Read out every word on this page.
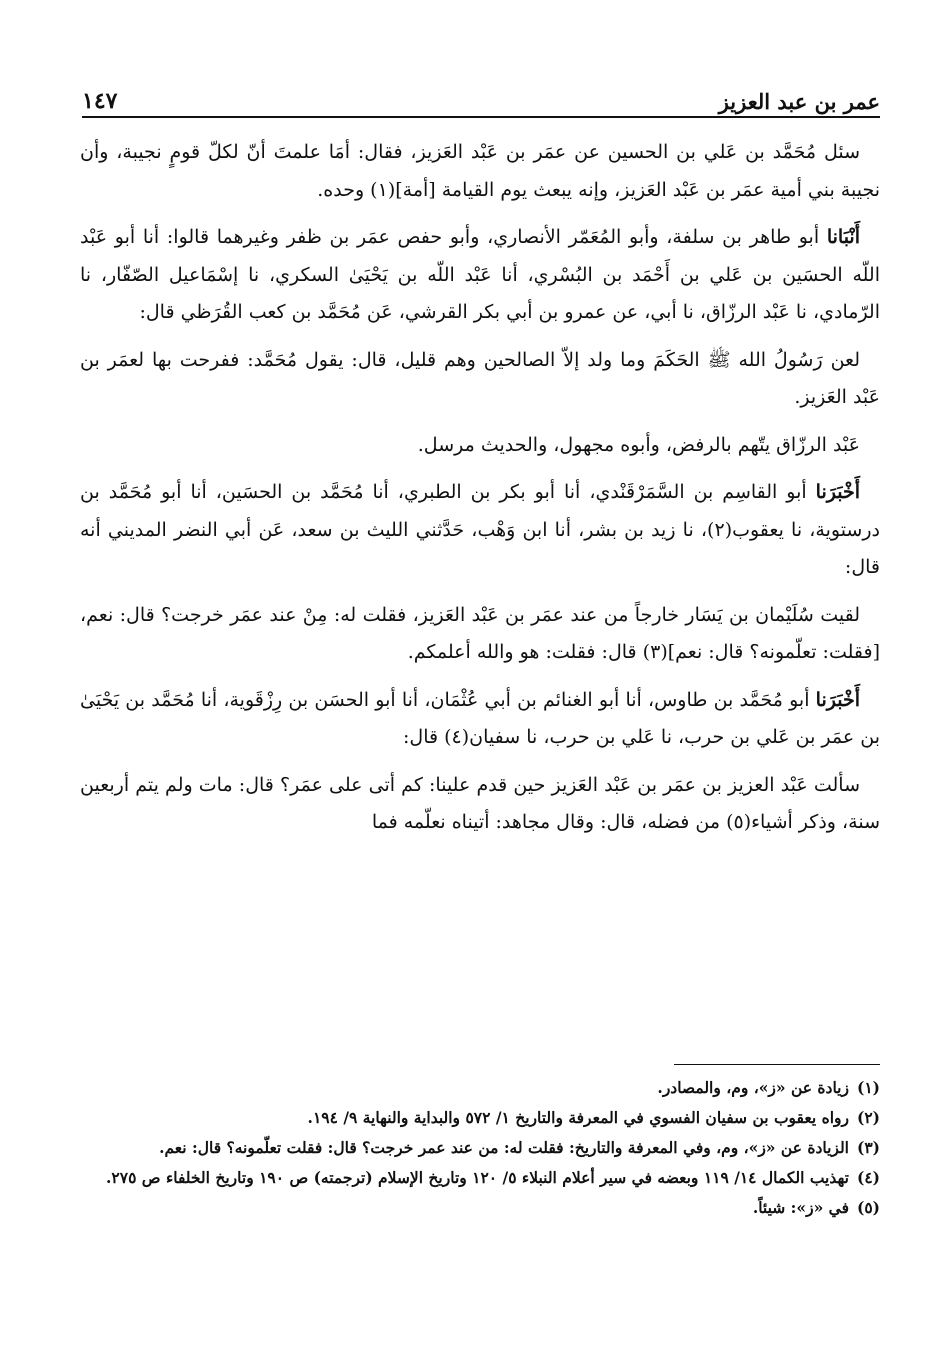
عمر بن عبد العزيز
١٤٧

سئل مُحَمَّد بن عَلي بن الحسين عن عمَر بن عَبْد العَزيز، فقال: أمَا علمتَ أنّ لكلّ قومٍ نجيبة، وأن نجيبة بني أمية عمَر بن عَبْد العَزيز، وإنه يبعث يوم القيامة [أمة](١) وحده.

أَنْبَانا أبو طاهر بن سلفة، وأبو المُعَمّر الأنصاري، وأبو حفص عمَر بن ظفر وغيرهما قالوا: أنا أبو عَبْد اللّه الحسَين بن عَلي بن أَحْمَد بن البُسْري، أنا عَبْد اللّه بن يَحْيَىٰ السكري، نا إسْمَاعيل الصّفّار، نا الرّمادي، نا عَبْد الرزّاق، نا أبي، عن عمرو بن أبي بكر القرشي، عَن مُحَمَّد بن كعب القُرَظي قال:

لعن رَسُولُ الله ﷺ الحَكَمَ وما ولد إلاّ الصالحين وهم قليل، قال: يقول مُحَمَّد: ففرحت بها لعمَر بن عَبْد العَزيز.

عَبْد الرزّاق يتّهم بالرفض، وأبوه مجهول، والحديث مرسل.

أَخْبَرَنا أبو القاسِم بن السَّمَرْقَنْدي، أنا أبو بكر بن الطبري، أنا مُحَمَّد بن الحسَين، أنا أبو مُحَمَّد بن درستوية، نا يعقوب(٢)، نا زيد بن بشر، أنا ابن وَهْب، حَدَّثني الليث بن سعد، عَن أبي النضر المديني أنه قال:

لقيت سُلَيْمان بن يَسَار خارجاً من عند عمَر بن عَبْد العَزيز، فقلت له: مِنْ عند عمَر خرجت؟ قال: نعم، [فقلت: تعلّمونه؟ قال: نعم](٣) قال: فقلت: هو والله أعلمكم.

أَخْبَرَنا أبو مُحَمَّد بن طاوس، أنا أبو الغنائم بن أبي عُثْمَان، أنا أبو الحسَن بن رِزْقَوية، أنا مُحَمَّد بن يَحْيَىٰ بن عمَر بن عَلي بن حرب، نا عَلي بن حرب، نا سفيان(٤) قال:

سألت عَبْد العزيز بن عمَر بن عَبْد العَزيز حين قدم علينا: كم أتى على عمَر؟ قال: مات ولم يتم أربعين سنة، وذكر أشياء(٥) من فضله، قال: وقال مجاهد: أتيناه نعلّمه فما

(١)
زيادة عن «ز»، وم، والمصادر.
(٢)
رواه يعقوب بن سفيان الفسوي في المعرفة والتاريخ ١/ ٥٧٢ والبداية والنهاية ٩/ ١٩٤.
(٣)
الزيادة عن «ز»، وم، وفي المعرفة والتاريخ: فقلت له: من عند عمر خرجت؟ قال: فقلت تعلّمونه؟ قال: نعم.
(٤)
تهذيب الكمال ١٤/ ١١٩ وبعضه في سير أعلام النبلاء ٥/ ١٢٠ وتاريخ الإسلام (ترجمته) ص ١٩٠ وتاريخ الخلفاء ص ٢٧٥.
(٥)
في «ز»: شيئاً.
